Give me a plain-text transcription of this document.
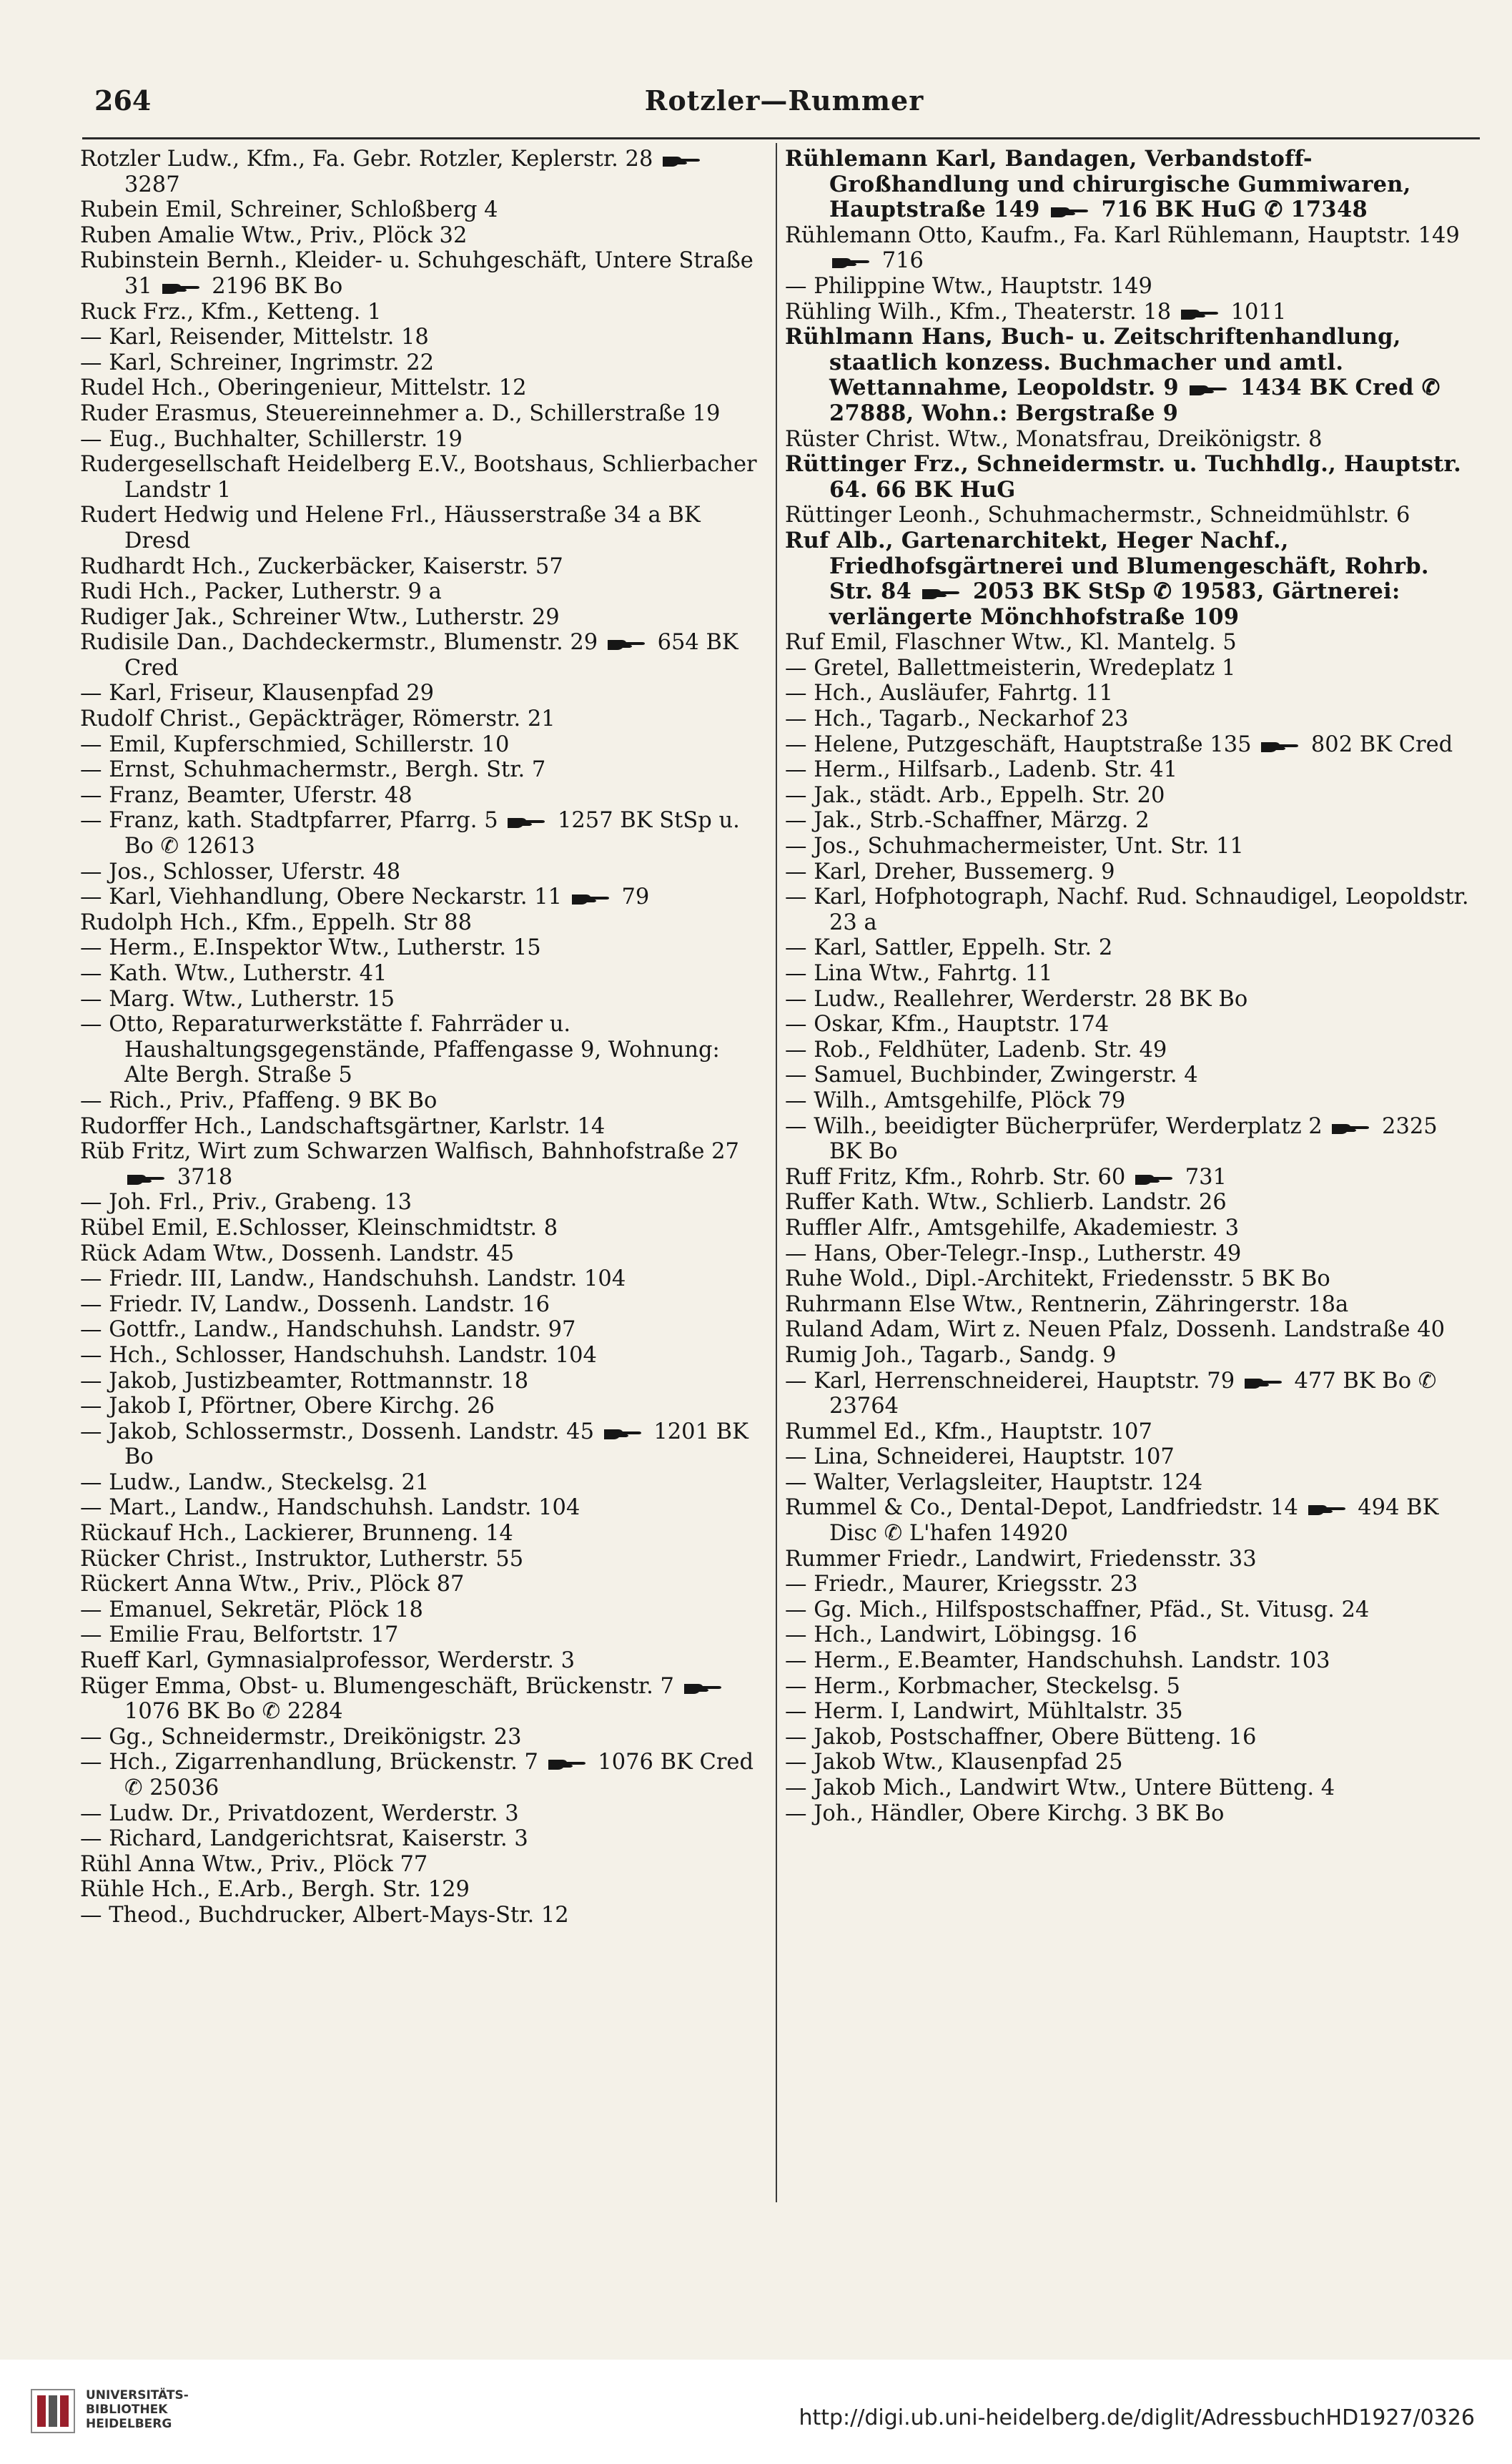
264	Rotzler—Rummer
Rotzler Ludw., Kfm., Fa. Gebr. Rotzler, Keplerstr. 28
3287
Rubein Emil, Schreiner, Schloßberg 4
Ruben Amalie Wtw., Priv., Plöck 32
Rubinstein Bernh., Kleider- u. Schuhgeschäft, Untere Straße 31
2196 BK Bo
Ruck Frz., Kfm., Ketteng. 1
— Karl, Reisender, Mittelstr. 18
— Karl, Schreiner, Ingrimstr. 22
Rudel Hch., Oberingenieur, Mittelstr. 12
Ruder Erasmus, Steuereinnehmer a. D., Schillerstraße 19
— Eug., Buchhalter, Schillerstr. 19
Rudergesellschaft Heidelberg E.V., Bootshaus, Schlierbacher Landstr 1
Rudert Hedwig und Helene Frl., Häusserstraße 34 a BK Dresd
Rudhardt Hch., Zuckerbäcker, Kaiserstr. 57
Rudi Hch., Packer, Lutherstr. 9 a
Rudiger Jak., Schreiner Wtw., Lutherstr. 29
Rudisile Dan., Dachdeckermstr., Blumenstr. 29
654 BK Cred
— Karl, Friseur, Klausenpfad 29
Rudolf Christ., Gepäckträger, Römerstr. 21
— Emil, Kupferschmied, Schillerstr. 10
— Ernst, Schuhmachermstr., Bergh. Str. 7
— Franz, Beamter, Uferstr. 48
— Franz, kath. Stadtpfarrer, Pfarrg. 5
1257 BK StSp u. Bo ✆ 12613
— Jos., Schlosser, Uferstr. 48
— Karl, Viehhandlung, Obere Neckarstr. 11
79
Rudolph Hch., Kfm., Eppelh. Str 88
— Herm., E.Inspektor Wtw., Lutherstr. 15
— Kath. Wtw., Lutherstr. 41
— Marg. Wtw., Lutherstr. 15
— Otto, Reparaturwerkstätte f. Fahrräder u. Haushaltungsgegenstände, Pfaffengasse 9, Wohnung: Alte Bergh. Straße 5
— Rich., Priv., Pfaffeng. 9 BK Bo
Rudorffer Hch., Landschaftsgärtner, Karlstr. 14
Rüb Fritz, Wirt zum Schwarzen Walfisch, Bahnhofstraße 27
3718
— Joh. Frl., Priv., Grabeng. 13
Rübel Emil, E.Schlosser, Kleinschmidtstr. 8
Rück Adam Wtw., Dossenh. Landstr. 45
— Friedr. III, Landw., Handschuhsh. Landstr. 104
— Friedr. IV, Landw., Dossenh. Landstr. 16
— Gottfr., Landw., Handschuhsh. Landstr. 97
— Hch., Schlosser, Handschuhsh. Landstr. 104
— Jakob, Justizbeamter, Rottmannstr. 18
— Jakob I, Pförtner, Obere Kirchg. 26
— Jakob, Schlossermstr., Dossenh. Landstr. 45
1201 BK Bo
— Ludw., Landw., Steckelsg. 21
— Mart., Landw., Handschuhsh. Landstr. 104
Rückauf Hch., Lackierer, Brunneng. 14
Rücker Christ., Instruktor, Lutherstr. 55
Rückert Anna Wtw., Priv., Plöck 87
— Emanuel, Sekretär, Plöck 18
— Emilie Frau, Belfortstr. 17
Rueff Karl, Gymnasialprofessor, Werderstr. 3
Rüger Emma, Obst- u. Blumengeschäft, Brückenstr. 7
1076 BK Bo ✆ 2284
— Gg., Schneidermstr., Dreikönigstr. 23
— Hch., Zigarrenhandlung, Brückenstr. 7
1076 BK Cred ✆ 25036
— Ludw. Dr., Privatdozent, Werderstr. 3
— Richard, Landgerichtsrat, Kaiserstr. 3
Rühl Anna Wtw., Priv., Plöck 77
Rühle Hch., E.Arb., Bergh. Str. 129
— Theod., Buchdrucker, Albert-Mays-Str. 12
Rühlemann Karl, Bandagen, Verbandstoff-Großhandlung und chirurgische Gummiwaren, Hauptstraße 149
716 BK HuG ✆ 17348
Rühlemann Otto, Kaufm., Fa. Karl Rühlemann, Hauptstr. 149
716
— Philippine Wtw., Hauptstr. 149
Rühling Wilh., Kfm., Theaterstr. 18
1011
Rühlmann Hans, Buch- u. Zeitschriftenhandlung, staatlich konzess. Buchmacher und amtl. Wettannahme, Leopoldstr. 9
1434 BK Cred ✆ 27888, Wohn.: Bergstraße 9
Rüster Christ. Wtw., Monatsfrau, Dreikönigstr. 8
Rüttinger Frz., Schneidermstr. u. Tuchhdlg., Hauptstr. 64. 66 BK HuG
Rüttinger Leonh., Schuhmachermstr., Schneidmühlstr. 6
Ruf Alb., Gartenarchitekt, Heger Nachf., Friedhofsgärtnerei und Blumengeschäft, Rohrb. Str. 84
2053 BK StSp ✆ 19583, Gärtnerei: verlängerte Mönchhofstraße 109
Ruf Emil, Flaschner Wtw., Kl. Mantelg. 5
— Gretel, Ballettmeisterin, Wredeplatz 1
— Hch., Ausläufer, Fahrtg. 11
— Hch., Tagarb., Neckarhof 23
— Helene, Putzgeschäft, Hauptstraße 135
802 BK Cred
— Herm., Hilfsarb., Ladenb. Str. 41
— Jak., städt. Arb., Eppelh. Str. 20
— Jak., Strb.-Schaffner, Märzg. 2
— Jos., Schuhmachermeister, Unt. Str. 11
— Karl, Dreher, Bussemerg. 9
— Karl, Hofphotograph, Nachf. Rud. Schnaudigel, Leopoldstr. 23 a
— Karl, Sattler, Eppelh. Str. 2
— Lina Wtw., Fahrtg. 11
— Ludw., Reallehrer, Werderstr. 28 BK Bo
— Oskar, Kfm., Hauptstr. 174
— Rob., Feldhüter, Ladenb. Str. 49
— Samuel, Buchbinder, Zwingerstr. 4
— Wilh., Amtsgehilfe, Plöck 79
— Wilh., beeidigter Bücherprüfer, Werderplatz 2
2325 BK Bo
Ruff Fritz, Kfm., Rohrb. Str. 60
731
Ruffer Kath. Wtw., Schlierb. Landstr. 26
Ruffler Alfr., Amtsgehilfe, Akademiestr. 3
— Hans, Ober-Telegr.-Insp., Lutherstr. 49
Ruhe Wold., Dipl.-Architekt, Friedensstr. 5 BK Bo
Ruhrmann Else Wtw., Rentnerin, Zähringerstr. 18a
Ruland Adam, Wirt z. Neuen Pfalz, Dossenh. Landstraße 40
Rumig Joh., Tagarb., Sandg. 9
— Karl, Herrenschneiderei, Hauptstr. 79
477 BK Bo ✆ 23764
Rummel Ed., Kfm., Hauptstr. 107
— Lina, Schneiderei, Hauptstr. 107
— Walter, Verlagsleiter, Hauptstr. 124
Rummel & Co., Dental-Depot, Landfriedstr. 14
494 BK Disc ✆ L'hafen 14920
Rummer Friedr., Landwirt, Friedensstr. 33
— Friedr., Maurer, Kriegsstr. 23
— Gg. Mich., Hilfspostschaffner, Pfäd., St. Vitusg. 24
— Hch., Landwirt, Löbingsg. 16
— Herm., E.Beamter, Handschuhsh. Landstr. 103
— Herm., Korbmacher, Steckelsg. 5
— Herm. I, Landwirt, Mühltalstr. 35
— Jakob, Postschaffner, Obere Bütteng. 16
— Jakob Wtw., Klausenpfad 25
— Jakob Mich., Landwirt Wtw., Untere Bütteng. 4
— Joh., Händler, Obere Kirchg. 3 BK Bo
UNIVERSITÄTS-
BIBLIOTHEK
HEIDELBERG	http://digi.ub.uni-heidelberg.de/diglit/AdressbuchHD1927/0326
